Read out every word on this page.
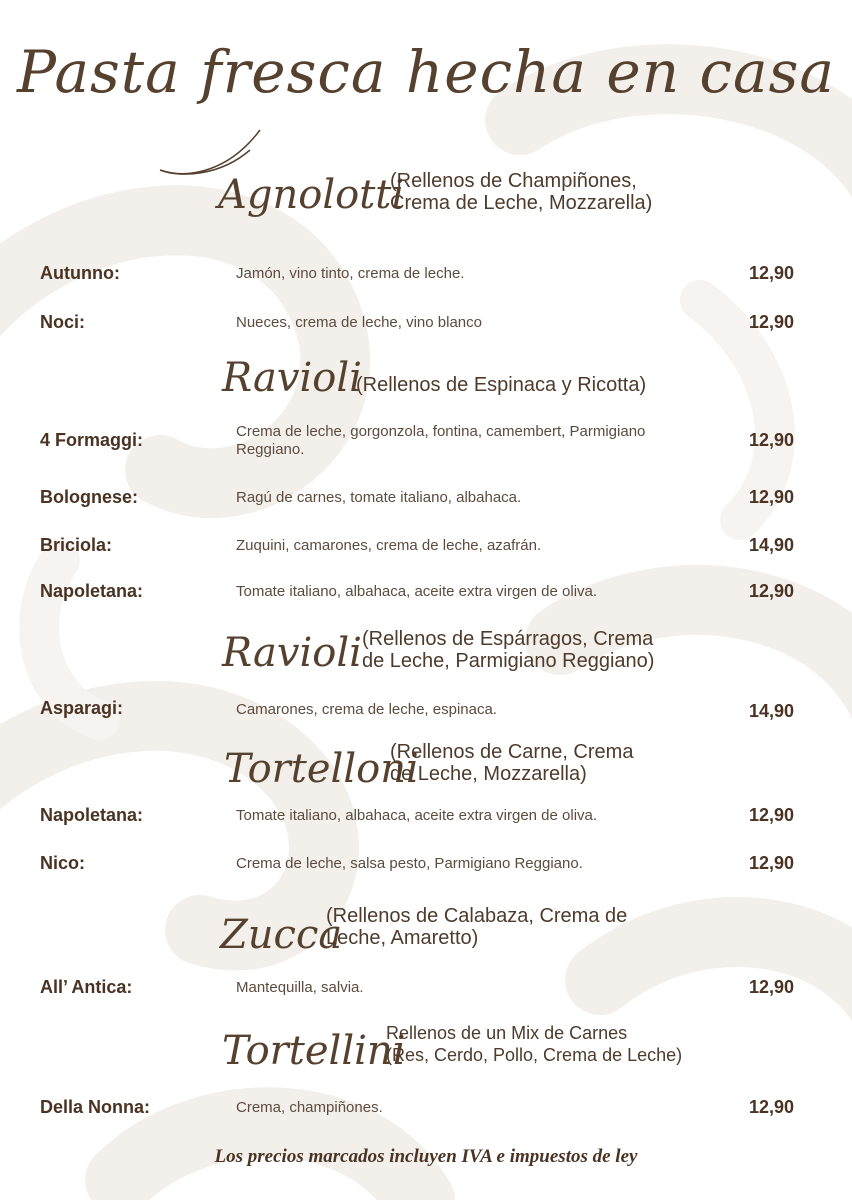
Pasta fresca hecha en casa
Agnolotti
(Rellenos de Champiñones,
Crema de Leche, Mozzarella)
Autunno:	Jamón, vino tinto, crema de leche.	12,90
Noci:	Nueces, crema de leche, vino blanco	12,90
Ravioli
(Rellenos de Espinaca y Ricotta)
4 Formaggi:	Crema de leche, gorgonzola, fontina, camembert, Parmigiano Reggiano.	12,90
Bolognese:	Ragú de carnes, tomate italiano, albahaca.	12,90
Briciola:	Zuquini, camarones, crema de leche, azafrán.	14,90
Napoletana:	Tomate italiano, albahaca, aceite extra virgen de oliva.	12,90
Ravioli (Rellenos de Espárragos, Crema
de Leche, Parmigiano Reggiano)
Asparagi:	Camarones, crema de leche, espinaca.	14,90
Tortelloni
(Rellenos de Carne, Crema
de Leche, Mozzarella)
Napoletana:	Tomate italiano, albahaca, aceite extra virgen de oliva.	12,90
Nico:	Crema de leche, salsa pesto, Parmigiano Reggiano.	12,90
Zucca
(Rellenos de Calabaza, Crema de
Leche, Amaretto)
All’ Antica:	Mantequilla, salvia.	12,90
Tortellini
Rellenos de un Mix de Carnes
(Res, Cerdo, Pollo, Crema de Leche)
Della Nonna:	Crema, champiñones.	12,90
Los precios marcados incluyen IVA e impuestos de ley
